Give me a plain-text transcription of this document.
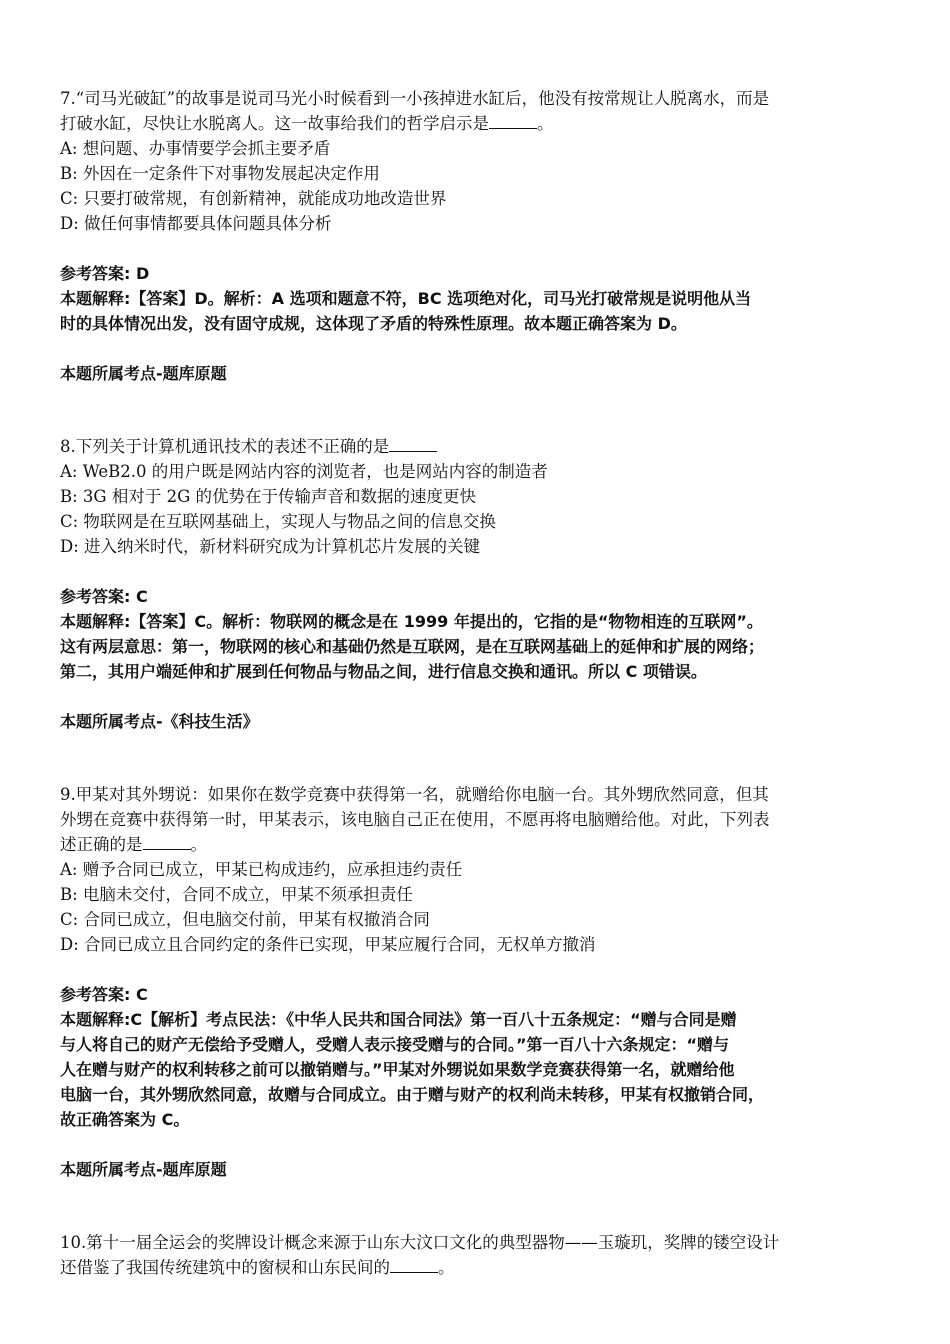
7.“司马光破缸”的故事是说司马光小时候看到一小孩掉进水缸后，他没有按常规让人脱离水，而是
打破水缸，尽快让水脱离人。这一故事给我们的哲学启示是	。
A: 想问题、办事情要学会抓主要矛盾
B: 外因在一定条件下对事物发展起决定作用
C: 只要打破常规，有创新精神，就能成功地改造世界
D: 做任何事情都要具体问题具体分析
参考答案: D
本题解释:【答案】D。解析：A 选项和题意不符，BC 选项绝对化，司马光打破常规是说明他从当
时的具体情况出发，没有固守成规，这体现了矛盾的特殊性原理。故本题正确答案为 D。
本题所属考点-题库原题
8.下列关于计算机通讯技术的表述不正确的是
A: WeB2.0 的用户既是网站内容的浏览者，也是网站内容的制造者
B: 3G 相对于 2G 的优势在于传输声音和数据的速度更快
C: 物联网是在互联网基础上，实现人与物品之间的信息交换
D: 进入纳米时代，新材料研究成为计算机芯片发展的关键
参考答案: C
本题解释:【答案】C。解析：物联网的概念是在 1999 年提出的，它指的是“物物相连的互联网”。
这有两层意思：第一，物联网的核心和基础仍然是互联网，是在互联网基础上的延伸和扩展的网络；
第二，其用户端延伸和扩展到任何物品与物品之间，进行信息交换和通讯。所以 C 项错误。
本题所属考点-《科技生活》
9.甲某对其外甥说：如果你在数学竞赛中获得第一名，就赠给你电脑一台。其外甥欣然同意，但其
外甥在竞赛中获得第一时，甲某表示，该电脑自己正在使用，不愿再将电脑赠给他。对此，下列表
述正确的是	。
A: 赠予合同已成立，甲某已构成违约，应承担违约责任
B: 电脑未交付，合同不成立，甲某不须承担责任
C: 合同已成立，但电脑交付前，甲某有权撤消合同
D: 合同已成立且合同约定的条件已实现，甲某应履行合同，无权单方撤消
参考答案: C
本题解释:C【解析】考点民法：《中华人民共和国合同法》第一百八十五条规定：“赠与合同是赠
与人将自己的财产无偿给予受赠人，受赠人表示接受赠与的合同。”第一百八十六条规定：“赠与
人在赠与财产的权利转移之前可以撤销赠与。”甲某对外甥说如果数学竞赛获得第一名，就赠给他
电脑一台，其外甥欣然同意，故赠与合同成立。由于赠与财产的权利尚未转移，甲某有权撤销合同，
故正确答案为 C。
本题所属考点-题库原题
10.第十一届全运会的奖牌设计概念来源于山东大汶口文化的典型器物——玉璇玑，奖牌的镂空设计
还借鉴了我国传统建筑中的窗棂和山东民间的	。
